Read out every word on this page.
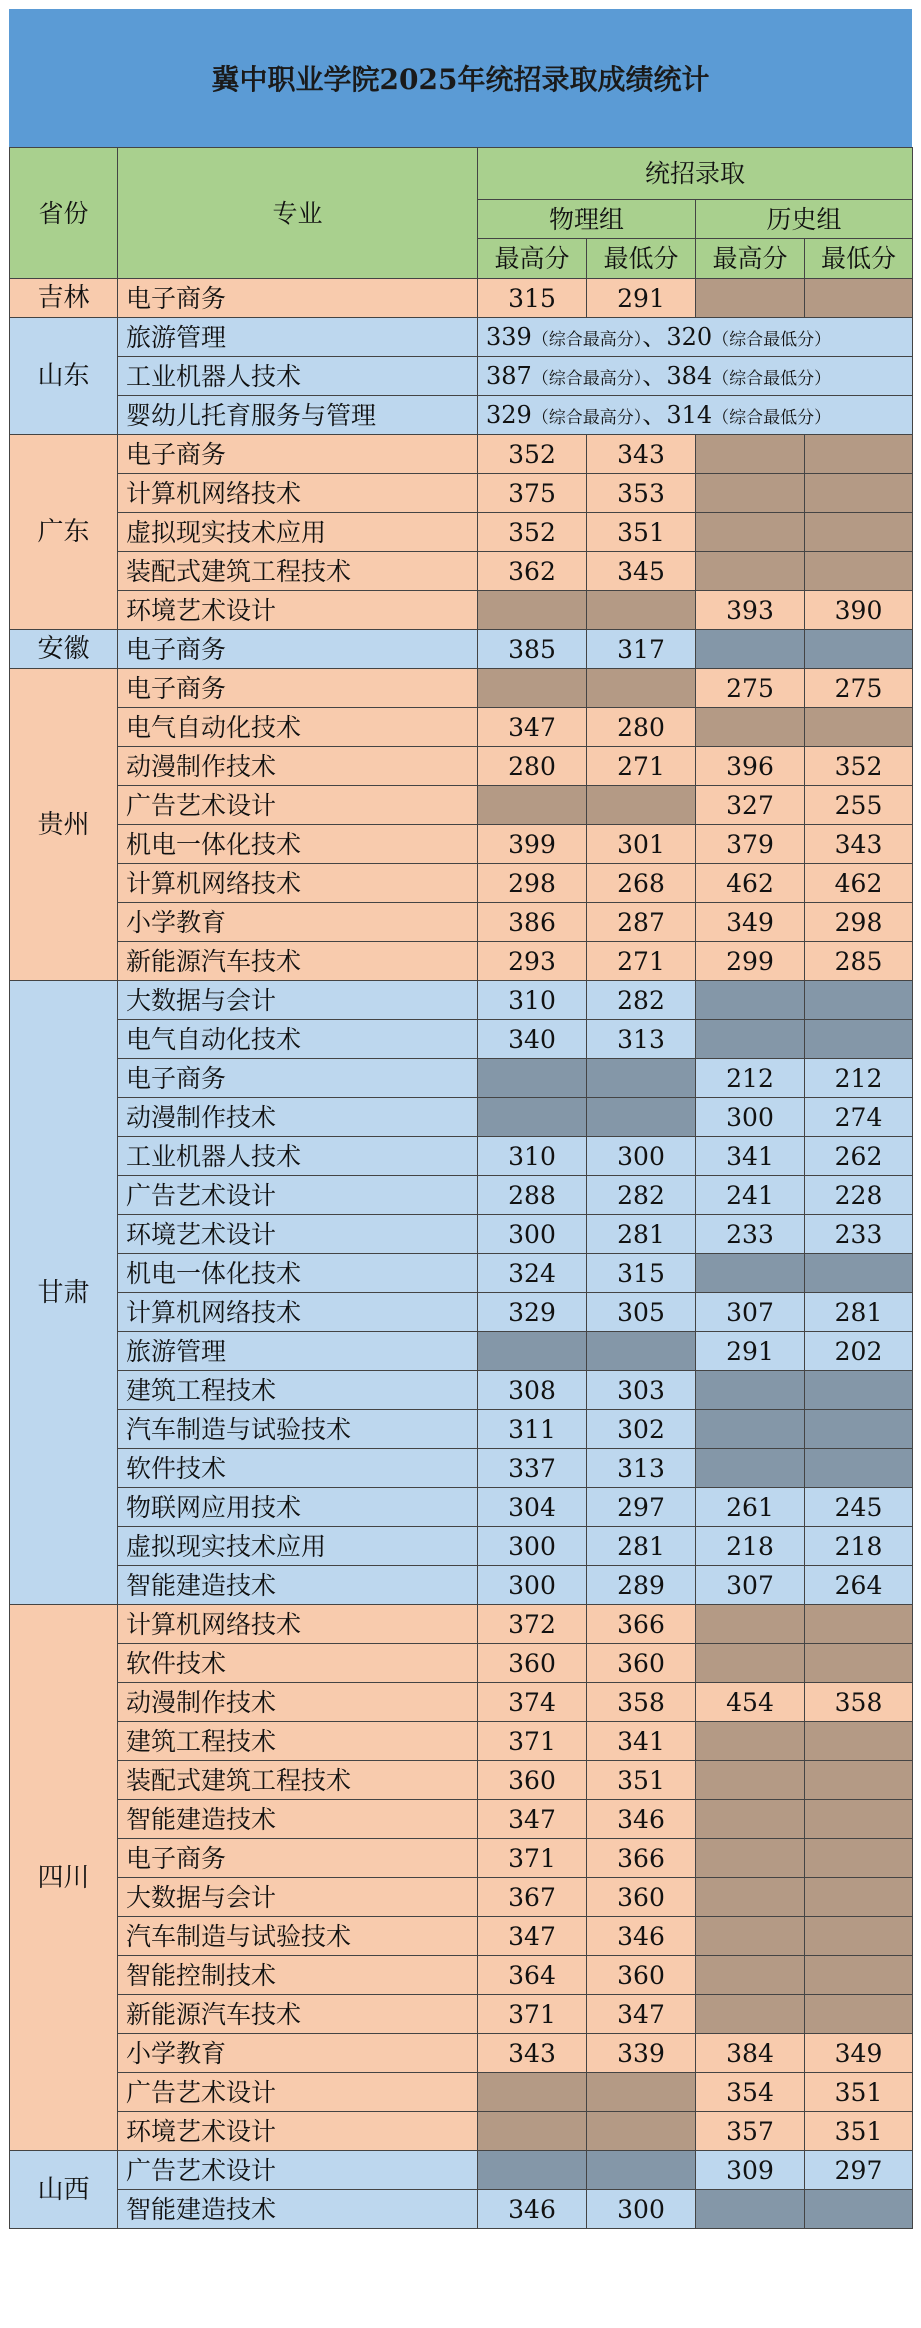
冀中职业学院2025年统招录取成绩统计
省份	专业	统招录取			
		物理组		历史组	
		最高分	最低分	最高分	最低分
吉林	电子商务	315	291		
山东	旅游管理	339（综合最高分）、320（综合最低分）			
	工业机器人技术	387（综合最高分）、384（综合最低分）			
	婴幼儿托育服务与管理	329（综合最高分）、314（综合最低分）			
广东	电子商务	352	343		
	计算机网络技术	375	353		
	虚拟现实技术应用	352	351		
	装配式建筑工程技术	362	345		
	环境艺术设计			393	390
安徽	电子商务	385	317		
贵州	电子商务			275	275
	电气自动化技术	347	280		
	动漫制作技术	280	271	396	352
	广告艺术设计			327	255
	机电一体化技术	399	301	379	343
	计算机网络技术	298	268	462	462
	小学教育	386	287	349	298
	新能源汽车技术	293	271	299	285
甘肃	大数据与会计	310	282		
	电气自动化技术	340	313		
	电子商务			212	212
	动漫制作技术			300	274
	工业机器人技术	310	300	341	262
	广告艺术设计	288	282	241	228
	环境艺术设计	300	281	233	233
	机电一体化技术	324	315		
	计算机网络技术	329	305	307	281
	旅游管理			291	202
	建筑工程技术	308	303		
	汽车制造与试验技术	311	302		
	软件技术	337	313		
	物联网应用技术	304	297	261	245
	虚拟现实技术应用	300	281	218	218
	智能建造技术	300	289	307	264
四川	计算机网络技术	372	366		
	软件技术	360	360		
	动漫制作技术	374	358	454	358
	建筑工程技术	371	341		
	装配式建筑工程技术	360	351		
	智能建造技术	347	346		
	电子商务	371	366		
	大数据与会计	367	360		
	汽车制造与试验技术	347	346		
	智能控制技术	364	360		
	新能源汽车技术	371	347		
	小学教育	343	339	384	349
	广告艺术设计			354	351
	环境艺术设计			357	351
山西	广告艺术设计			309	297
	智能建造技术	346	300		
